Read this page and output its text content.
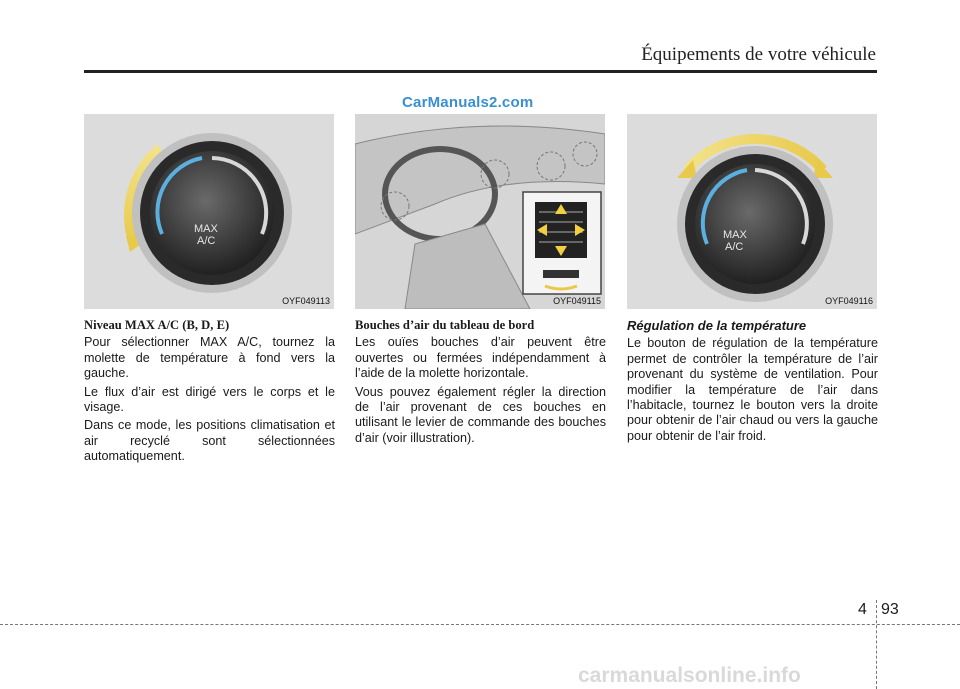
Équipements de votre véhicule
CarManuals2.com
MAX
A/C
OYF049113	OYF049115
MAX
A/C
OYF049116
Niveau MAX A/C (B, D, E)

Pour sélectionner MAX A/C, tournez la molette de température à fond vers la gauche.

Le flux d’air est dirigé vers le corps et le visage.

Dans ce mode, les positions climatisation et air recyclé sont sélectionnées automatiquement.

Bouches d’air du tableau de bord

Les ouïes bouches d’air peuvent être ouvertes ou fermées indépendamment à l’aide de la molette horizontale.

Vous pouvez également régler la direction de l’air provenant de ces bouches en utilisant le levier de commande des bouches d’air (voir illustration).

Régulation de la température

Le bouton de régulation de la température permet de contrôler la température de l’air provenant du système de ventilation. Pour modifier la température de l’air dans l’habitacle, tournez le bouton vers la droite pour obtenir de l’air chaud ou vers la gauche pour obtenir de l’air froid.

4 93
carmanualsonline.info
